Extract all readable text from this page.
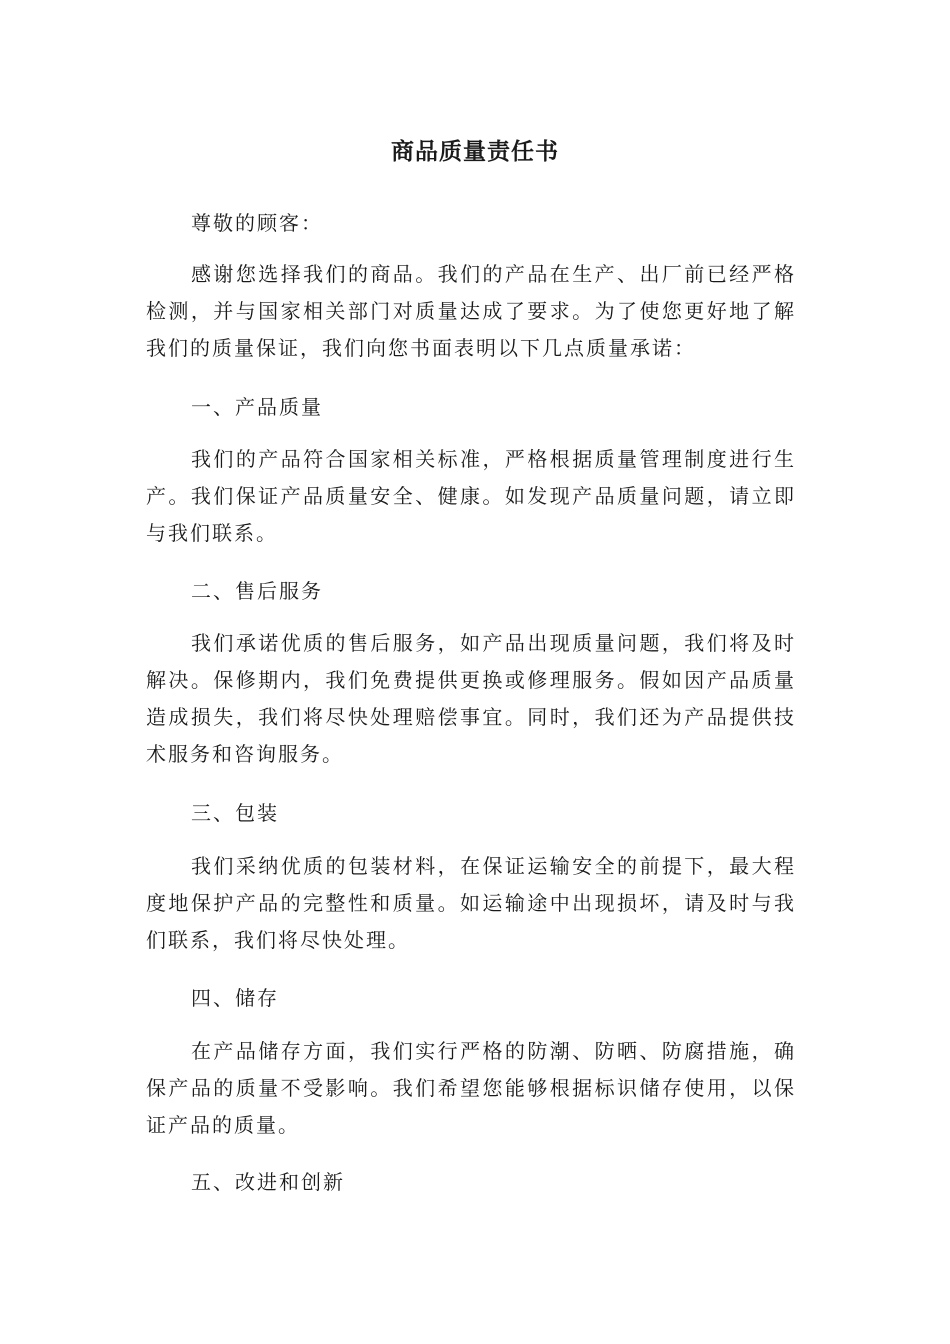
商品质量责任书

尊敬的顾客：

感谢您选择我们的商品。我们的产品在生产、出厂前已经严格检测，并与国家相关部门对质量达成了要求。为了使您更好地了解我们的质量保证，我们向您书面表明以下几点质量承诺：

一、产品质量

我们的产品符合国家相关标准，严格根据质量管理制度进行生产。我们保证产品质量安全、健康。如发现产品质量问题，请立即与我们联系。

二、售后服务

我们承诺优质的售后服务，如产品出现质量问题，我们将及时解决。保修期内，我们免费提供更换或修理服务。假如因产品质量造成损失，我们将尽快处理赔偿事宜。同时，我们还为产品提供技术服务和咨询服务。

三、包装

我们采纳优质的包装材料，在保证运输安全的前提下，最大程度地保护产品的完整性和质量。如运输途中出现损坏，请及时与我们联系，我们将尽快处理。

四、储存

在产品储存方面，我们实行严格的防潮、防晒、防腐措施，确保产品的质量不受影响。我们希望您能够根据标识储存使用，以保证产品的质量。

五、改进和创新
